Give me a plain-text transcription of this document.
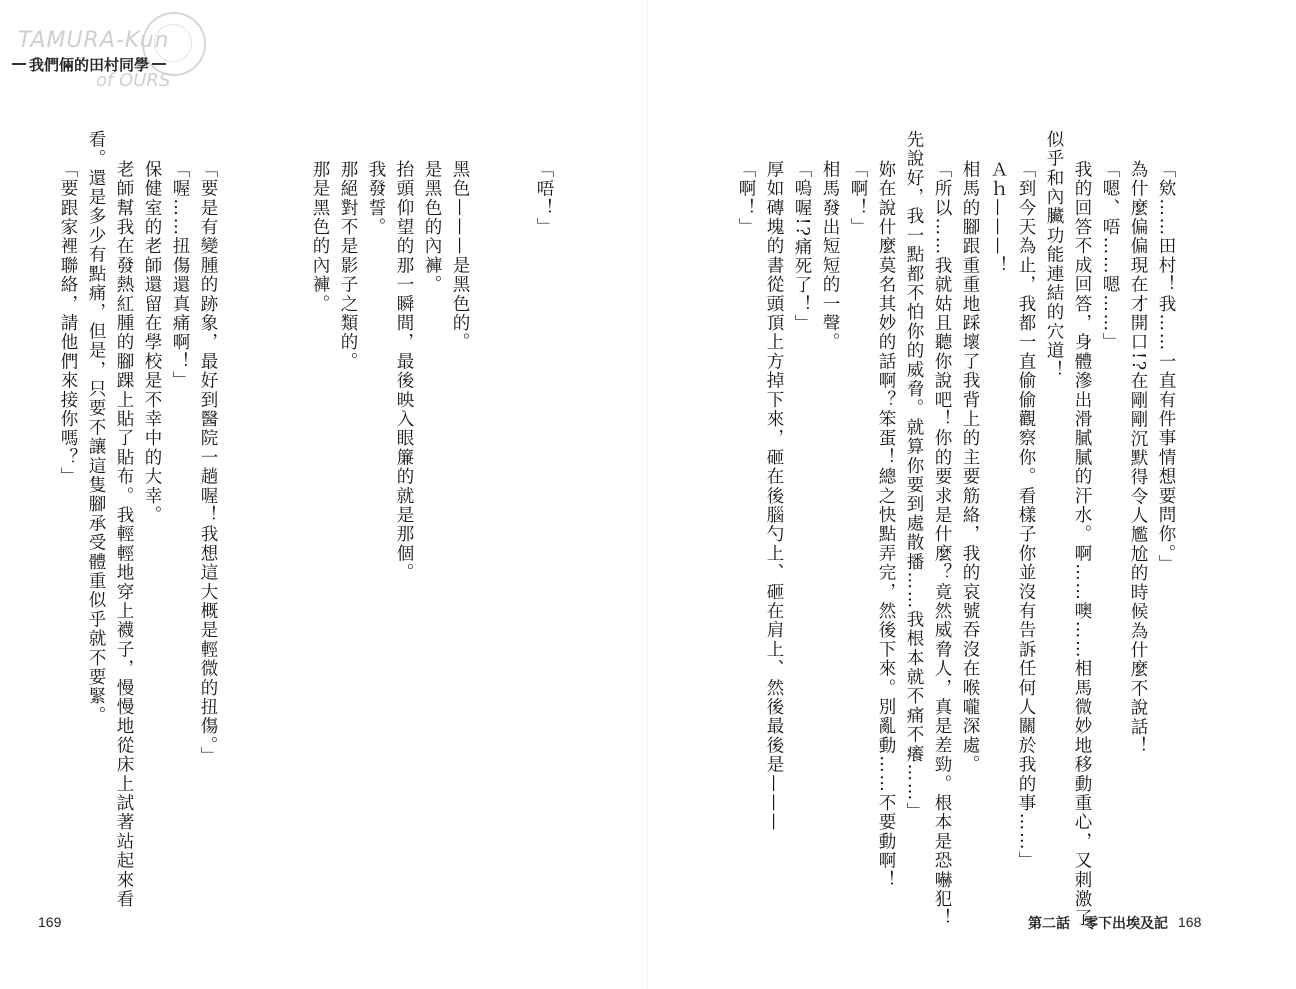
TAMURA-Kun
我們倆的田村同學
of OURS
「欸……田村！我……一直有件事情想要問你。」
為什麼偏偏現在才開口!?在剛剛沉默得令人尷尬的時候為什麼不說話！
「嗯、唔……嗯……」
我的回答不成回答，身體滲出滑膩膩的汗水。啊……噢……相馬微妙地移動重心，又刺激了
似乎和內臟功能連結的穴道！
「到今天為止，我都一直偷偷觀察你。看樣子你並沒有告訴任何人關於我的事……」
Ａｈ———！
相馬的腳跟重重地踩壞了我背上的主要筋絡，我的哀號吞沒在喉嚨深處。
「所以……我就姑且聽你說吧！你的要求是什麼？竟然威脅人，真是差勁。根本是恐嚇犯！
先說好，我一點都不怕你的威脅。就算你要到處散播……我根本就不痛不癢……」
妳在說什麼莫名其妙的話啊？笨蛋！總之快點弄完，然後下來。別亂動……不要動啊！
「啊！」
相馬發出短短的一聲。
「嗚喔!?痛死了！」
厚如磚塊的書從頭頂上方掉下來，砸在後腦勺上、砸在肩上、然後最後是———
「啊！」
「唔！」
黑色———是黑色的。
是黑色的內褲。
抬頭仰望的那一瞬間，最後映入眼簾的就是那個。
我發誓。
那絕對不是影子之類的。
那是黑色的內褲。
「要是有變腫的跡象，最好到醫院一趟喔！我想這大概是輕微的扭傷。」
「喔……扭傷還真痛啊！」
保健室的老師還留在學校是不幸中的大幸。
老師幫我在發熱紅腫的腳踝上貼了貼布。我輕輕地穿上襪子，慢慢地從床上試著站起來看
看。還是多少有點痛，但是，只要不讓這隻腳承受體重似乎就不要緊。
「要跟家裡聯絡，請他們來接你嗎？」
169	第二話　零下出埃及記 168
